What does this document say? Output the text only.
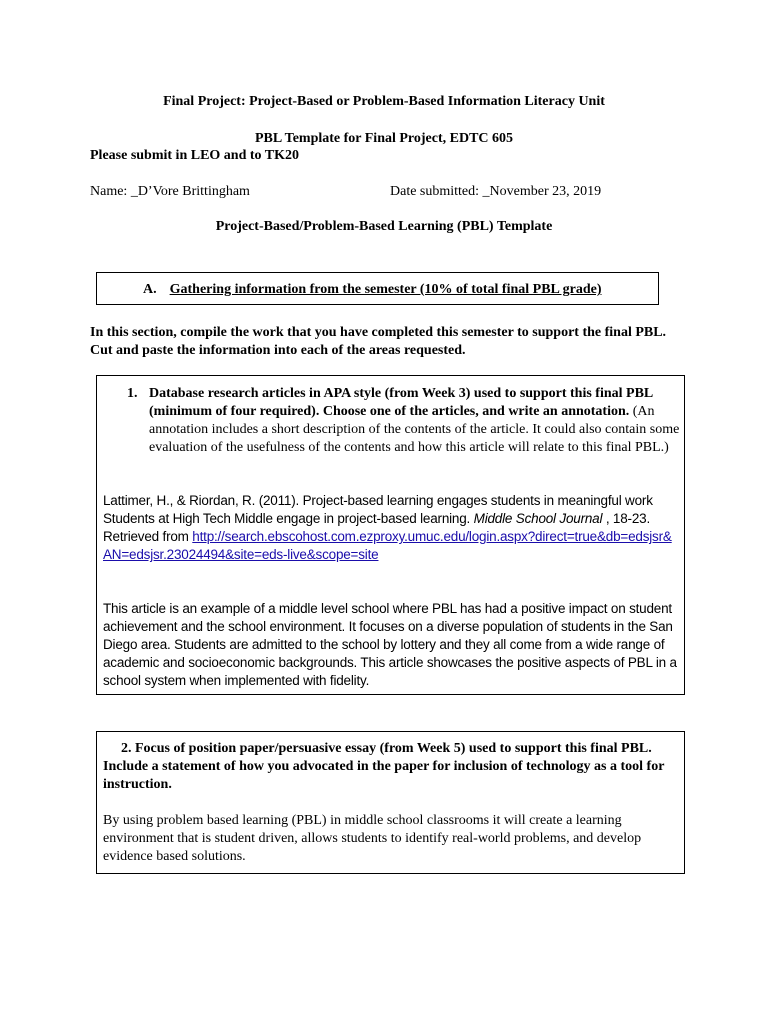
Final Project: Project-Based or Problem-Based Information Literacy Unit
PBL Template for Final Project, EDTC 605
Please submit in LEO and to TK20
Name: _D’Vore Brittingham	Date submitted: _November 23, 2019
Project-Based/Problem-Based Learning (PBL) Template
A. Gathering information from the semester (10% of total final PBL grade)
In this section, compile the work that you have completed this semester to support the final PBL. Cut and paste the information into each of the areas requested.
1. Database research articles in APA style (from Week 3) used to support this final PBL (minimum of four required). Choose one of the articles, and write an annotation. (An annotation includes a short description of the contents of the article. It could also contain some evaluation of the usefulness of the contents and how this article will relate to this final PBL.)
Lattimer, H., & Riordan, R. (2011). Project-based learning engages students in meaningful work Students at High Tech Middle engage in project-based learning. Middle School Journal , 18-23. Retrieved from http://search.ebscohost.com.ezproxy.umuc.edu/login.aspx?direct=true&db=edsjsr&AN=edsjsr.23024494&site=eds-live&scope=site
This article is an example of a middle level school where PBL has had a positive impact on student achievement and the school environment. It focuses on a diverse population of students in the San Diego area. Students are admitted to the school by lottery and they all come from a wide range of academic and socioeconomic backgrounds. This article showcases the positive aspects of PBL in a school system when implemented with fidelity.
2. Focus of position paper/persuasive essay (from Week 5) used to support this final PBL. Include a statement of how you advocated in the paper for inclusion of technology as a tool for instruction.
By using problem based learning (PBL) in middle school classrooms it will create a learning environment that is student driven, allows students to identify real-world problems, and develop evidence based solutions.
